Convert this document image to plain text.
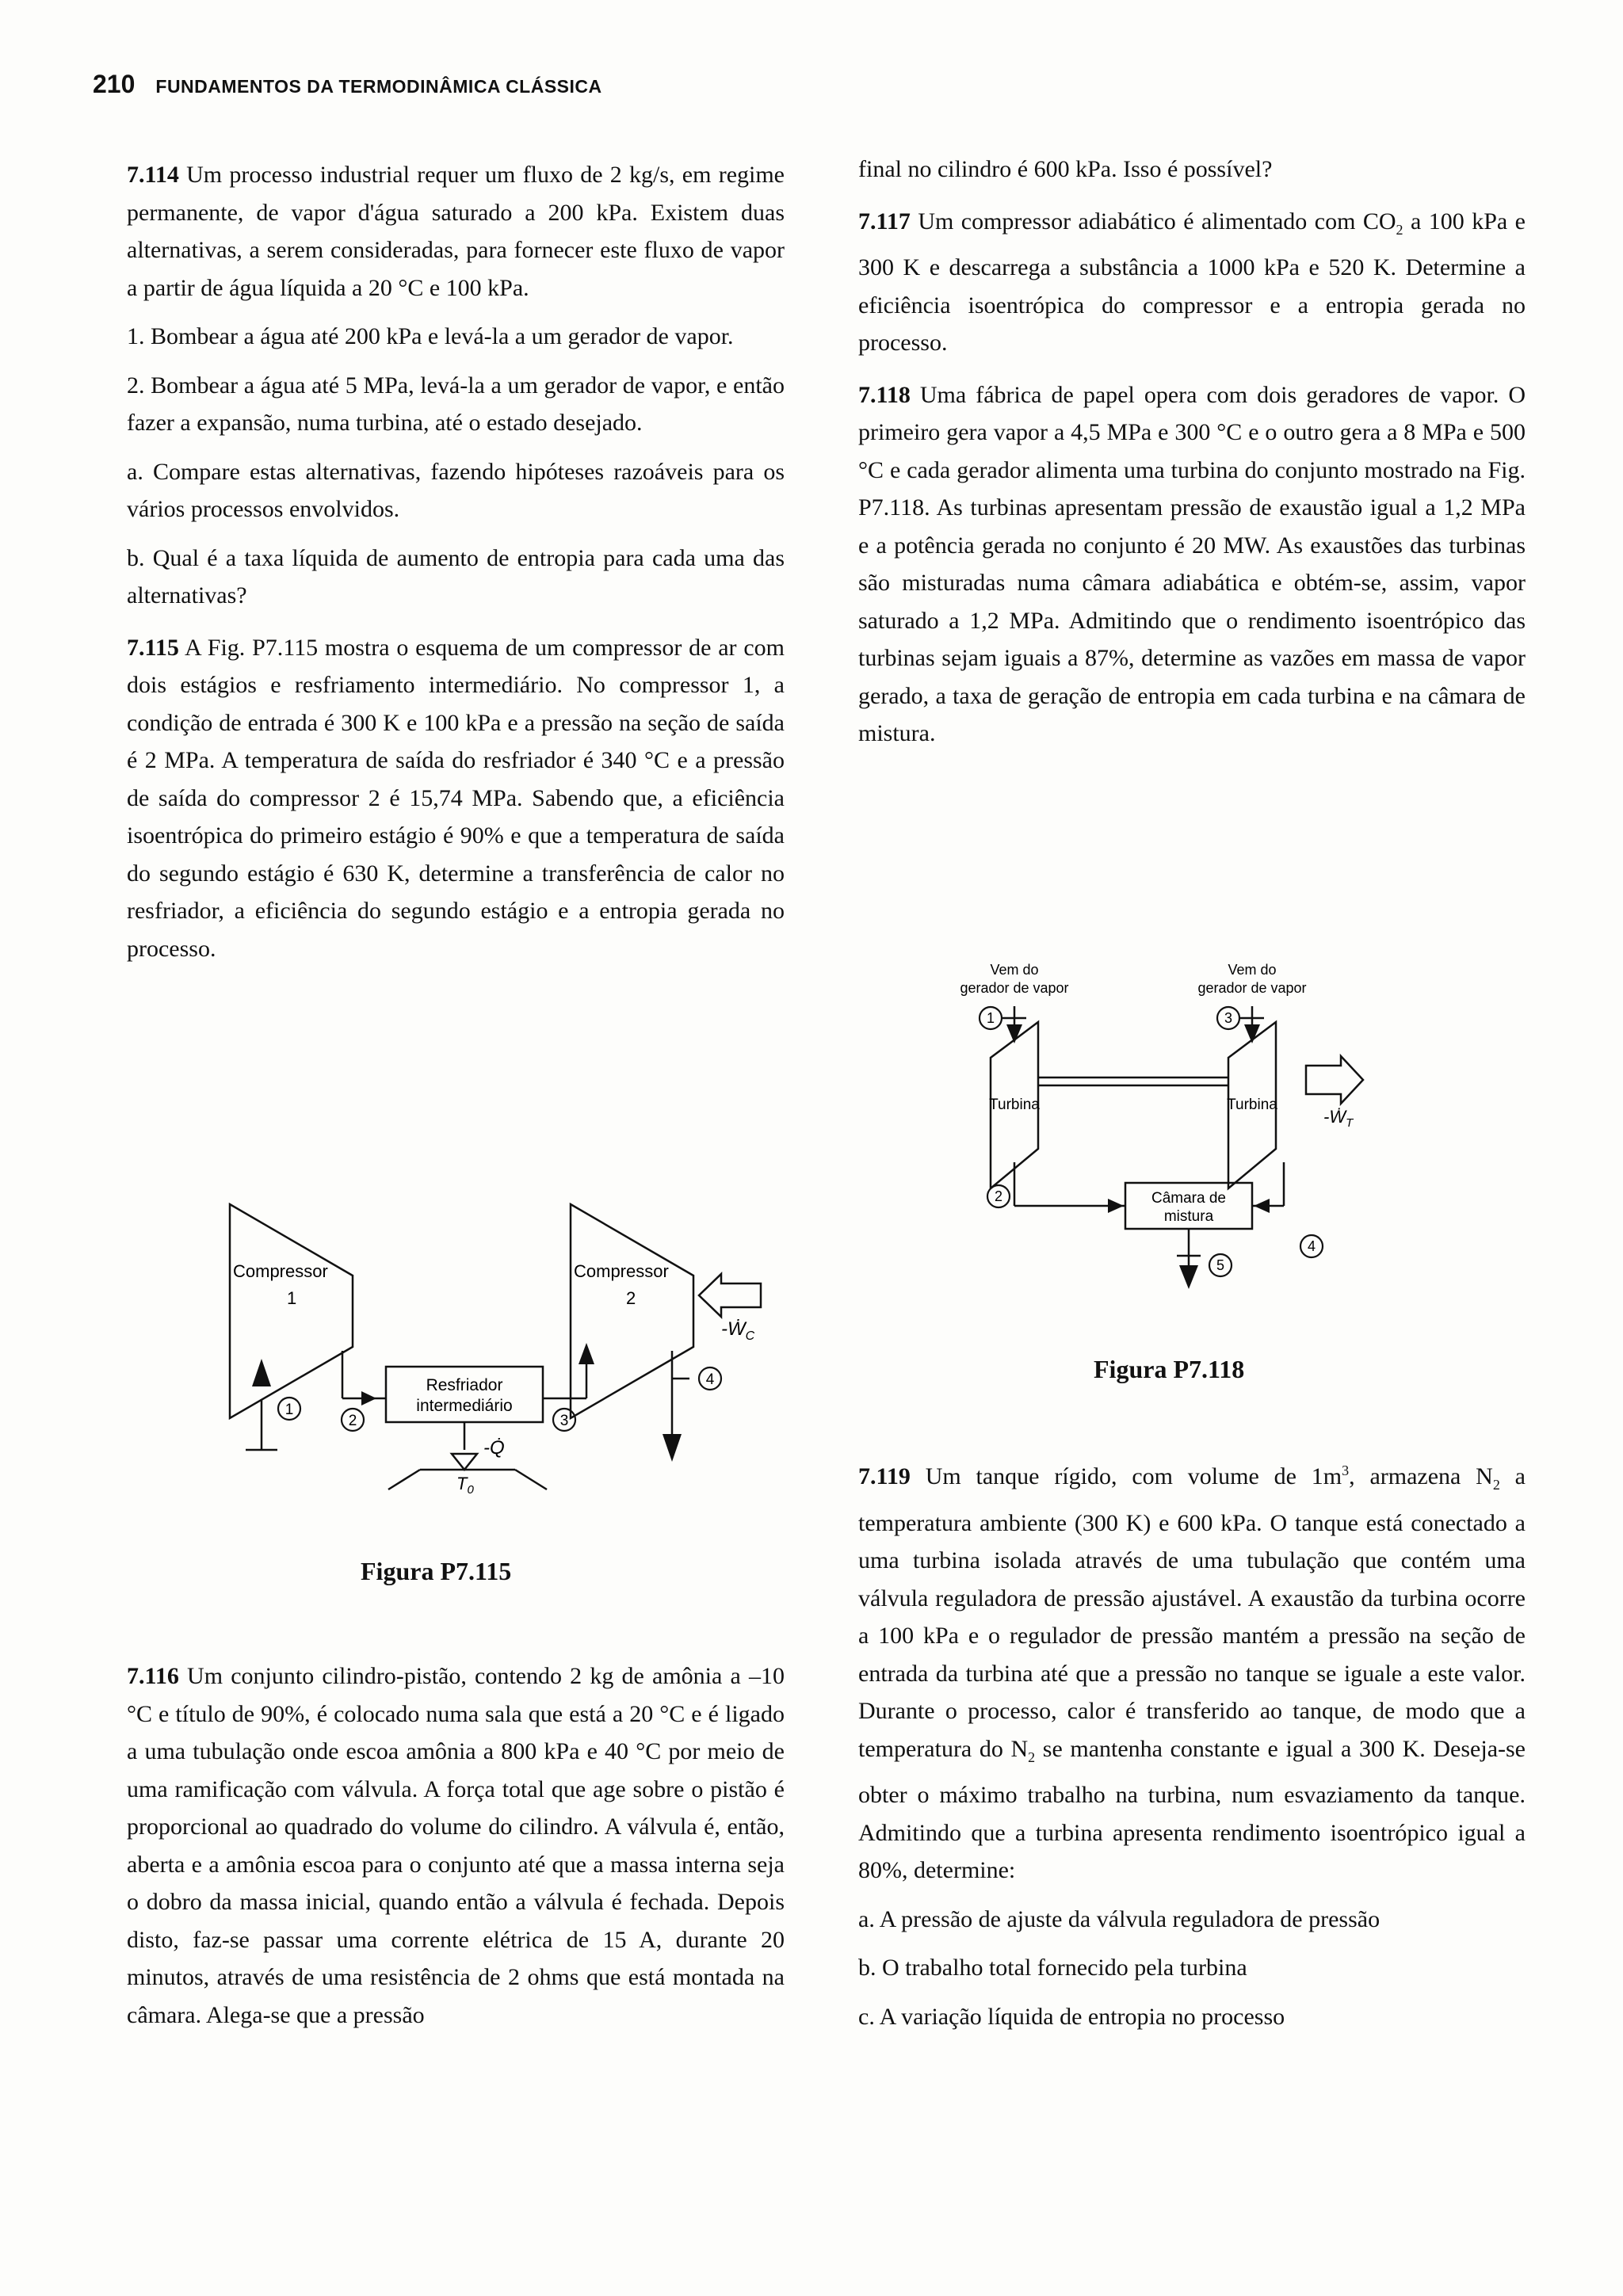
210 FUNDAMENTOS DA TERMODINÂMICA CLÁSSICA

7.114 Um processo industrial requer um fluxo de 2 kg/s, em regime permanente, de vapor d'água saturado a 200 kPa. Existem duas alternativas, a serem consideradas, para fornecer este fluxo de vapor a partir de água líquida a 20 °C e 100 kPa.

1. Bombear a água até 200 kPa e levá-la a um gerador de vapor.

2. Bombear a água até 5 MPa, levá-la a um gerador de vapor, e então fazer a expansão, numa turbina, até o estado desejado.

a. Compare estas alternativas, fazendo hipóteses razoáveis para os vários processos envolvidos.

b. Qual é a taxa líquida de aumento de entropia para cada uma das alternativas?

7.115 A Fig. P7.115 mostra o esquema de um compressor de ar com dois estágios e resfriamento intermediário. No compressor 1, a condição de entrada é 300 K e 100 kPa e a pressão na seção de saída é 2 MPa. A temperatura de saída do resfriador é 340 °C e a pressão de saída do compressor 2 é 15,74 MPa. Sabendo que, a eficiência isoentrópica do primeiro estágio é 90% e que a temperatura de saída do segundo estágio é 630 K, determine a transferência de calor no resfriador, a eficiência do segundo estágio e a entropia gerada no processo.

Compressor
1
Compressor
2
Resfriador
intermediário
1
2	3
4
-Ẇ$_C$
-Q̇
$T_0$
Figura P7.115

7.116 Um conjunto cilindro-pistão, contendo 2 kg de amônia a –10 °C e título de 90%, é colocado numa sala que está a 20 °C e é ligado a uma tubulação onde escoa amônia a 800 kPa e 40 °C por meio de uma ramificação com válvula. A força total que age sobre o pistão é proporcional ao quadrado do volume do cilindro. A válvula é, então, aberta e a amônia escoa para o conjunto até que a massa interna seja o dobro da massa inicial, quando então a válvula é fechada. Depois disto, faz-se passar uma corrente elétrica de 15 A, durante 20 minutos, através de uma resistência de 2 ohms que está montada na câmara. Alega-se que a pressão

final no cilindro é 600 kPa. Isso é possível?

7.117 Um compressor adiabático é alimentado com $CO_2$ a 100 kPa e 300 K e descarrega a substância a 1000 kPa e 520 K. Determine a eficiência isoentrópica do compressor e a entropia gerada no processo.

7.118 Uma fábrica de papel opera com dois geradores de vapor. O primeiro gera vapor a 4,5 MPa e 300 °C e o outro gera a 8 MPa e 500 °C e cada gerador alimenta uma turbina do conjunto mostrado na Fig. P7.118. As turbinas apresentam pressão de exaustão igual a 1,2 MPa e a potência gerada no conjunto é 20 MW. As exaustões das turbinas são misturadas numa câmara adiabática e obtém-se, assim, vapor saturado a 1,2 MPa. Admitindo que o rendimento isoentrópico das turbinas sejam iguais a 87%, determine as vazões em massa de vapor gerado, a taxa de geração de entropia em cada turbina e na câmara de mistura.

Vem do
gerador de vapor
Vem do
gerador de vapor
Turbina	Turbina
Câmara de
mistura
1
2
3
4
5
-Ẇ$_T$
Figura P7.118

7.119 Um tanque rígido, com volume de $1m^3$, armazena $N_2$ a temperatura ambiente (300 K) e 600 kPa. O tanque está conectado a uma turbina isolada através de uma tubulação que contém uma válvula reguladora de pressão ajustável. A exaustão da turbina ocorre a 100 kPa e o regulador de pressão mantém a pressão na seção de entrada da turbina até que a pressão no tanque se iguale a este valor. Durante o processo, calor é transferido ao tanque, de modo que a temperatura do $N_2$ se mantenha constante e igual a 300 K. Deseja-se obter o máximo trabalho na turbina, num esvaziamento da tanque. Admitindo que a turbina apresenta rendimento isoentrópico igual a 80%, determine:

a. A pressão de ajuste da válvula reguladora de pressão

b. O trabalho total fornecido pela turbina

c. A variação líquida de entropia no processo
